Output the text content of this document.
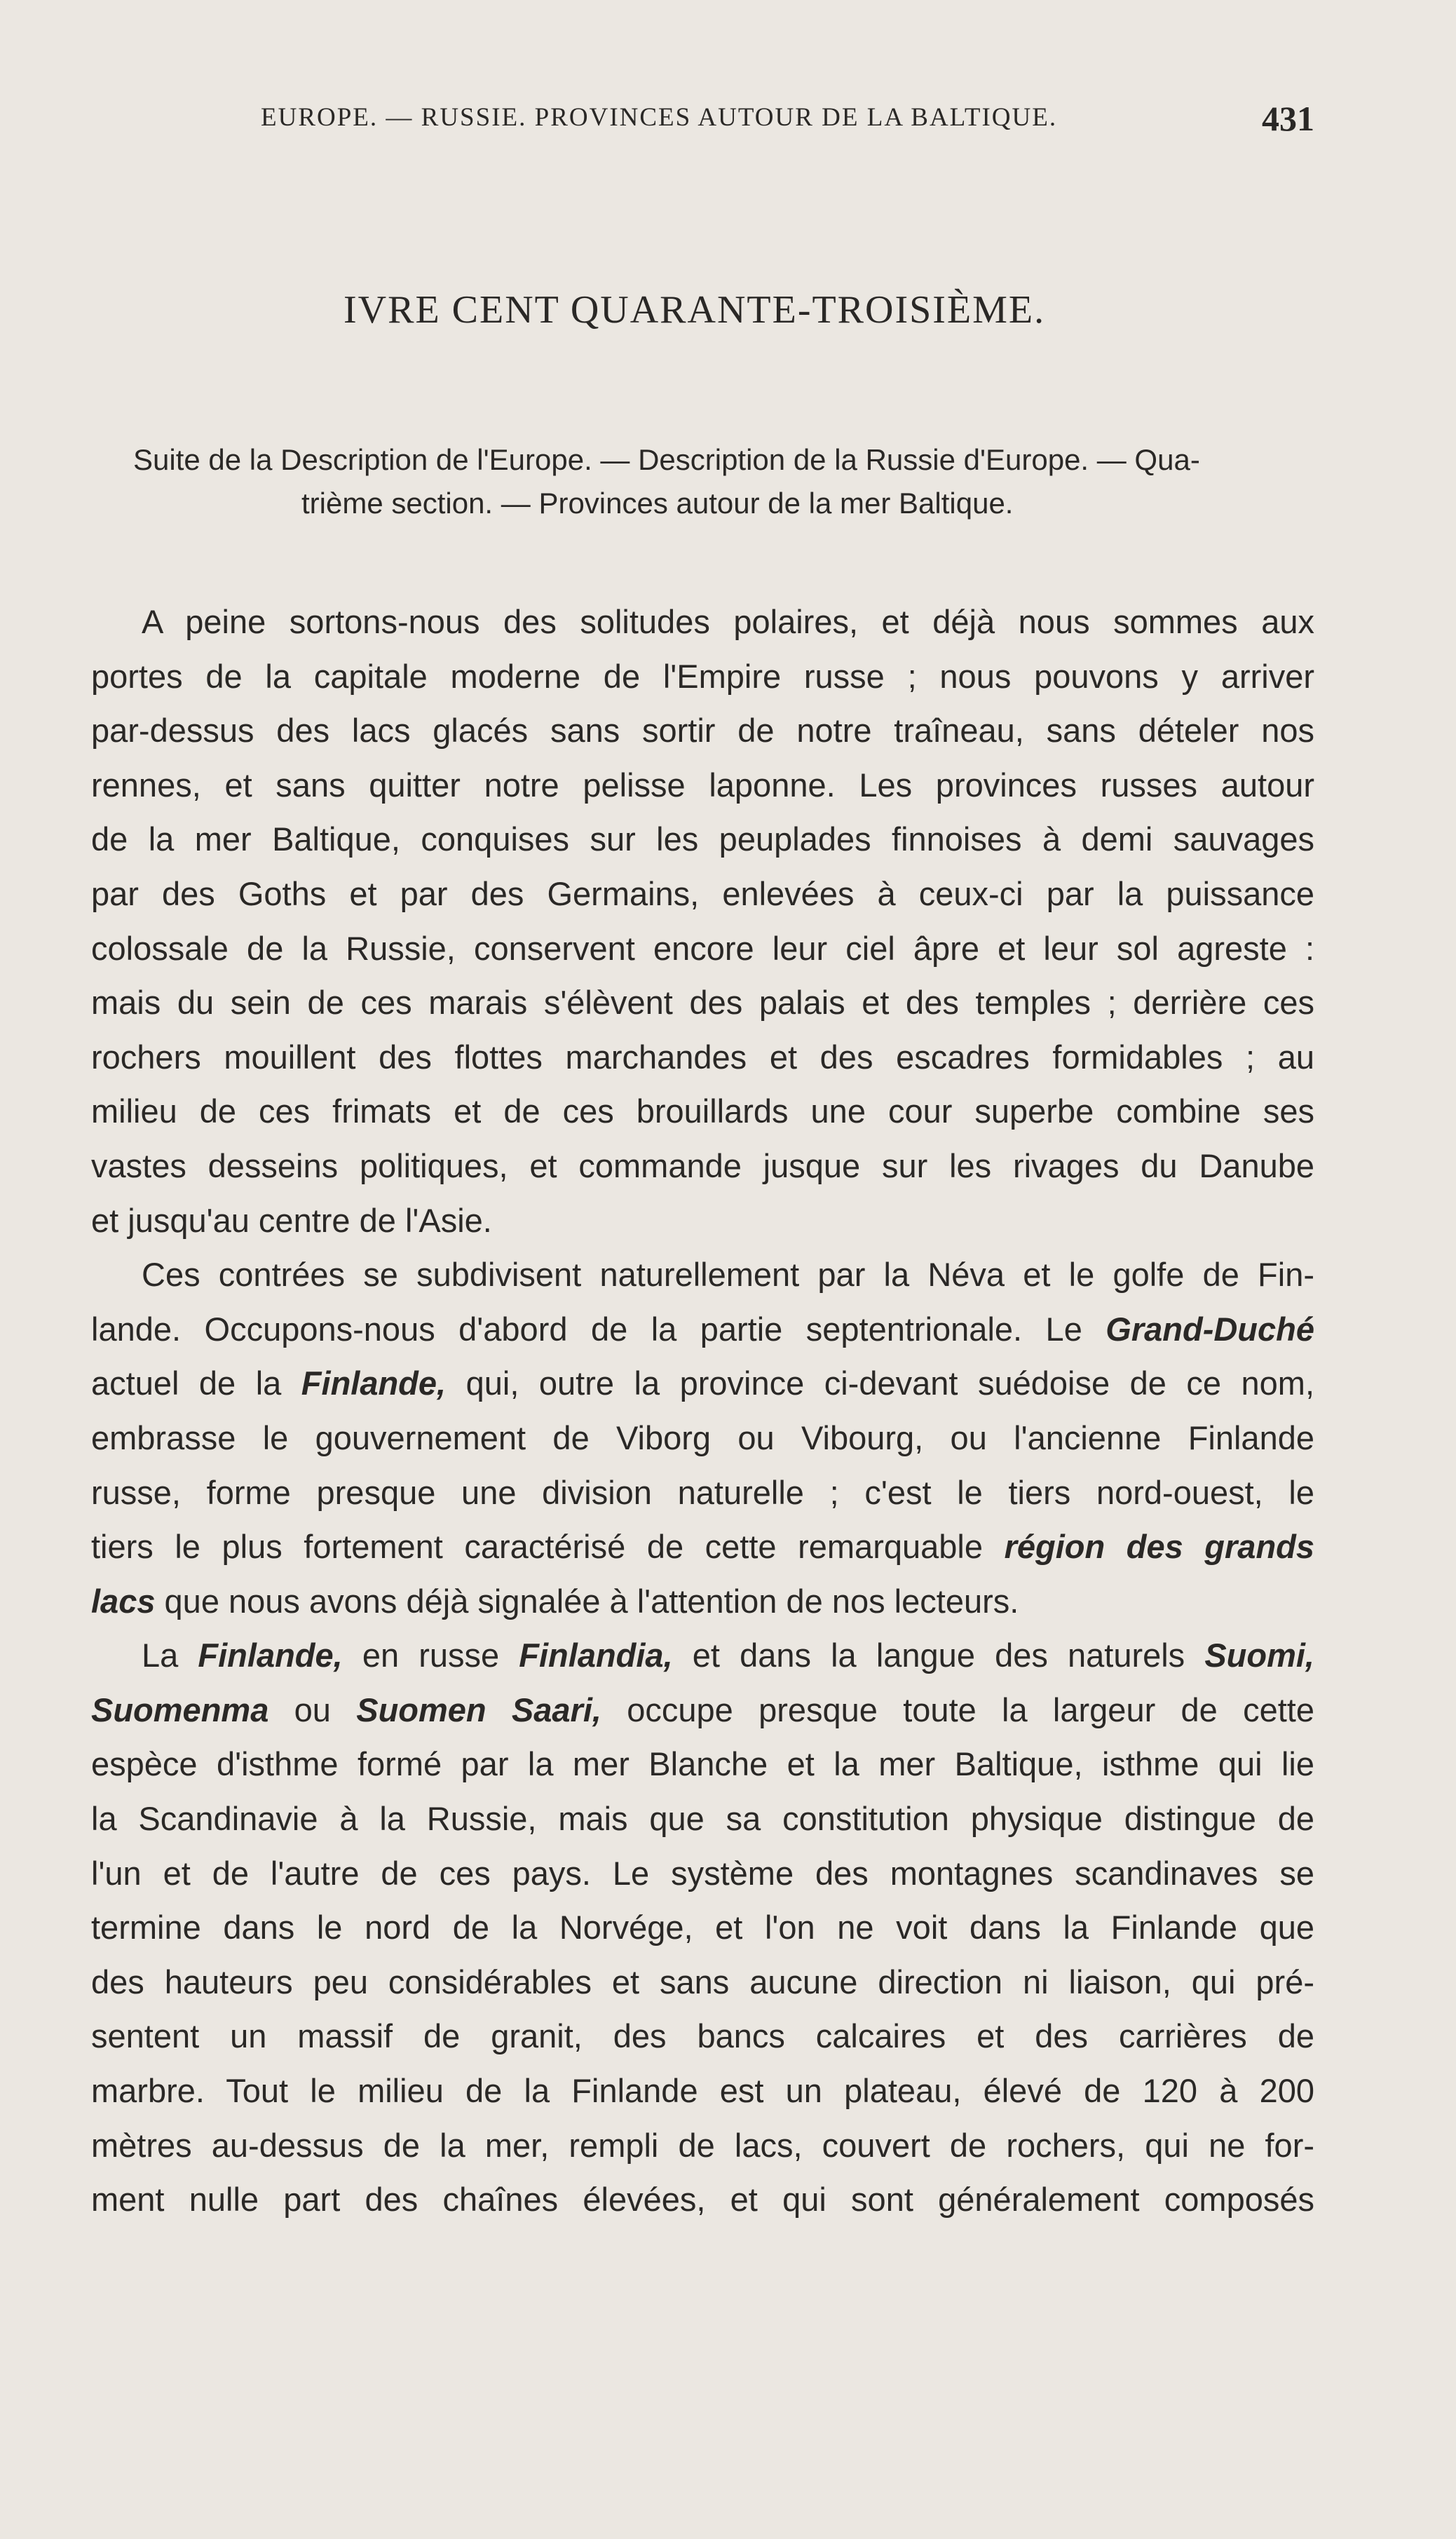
EUROPE. — RUSSIE. PROVINCES AUTOUR DE LA BALTIQUE.	431
IVRE CENT QUARANTE-TROISIÈME.
Suite de la Description de l'Europe. — Description de la Russie d'Europe. — Qua-
trième section. — Provinces autour de la mer Baltique.
A peine sortons-nous des solitudes polaires, et déjà nous sommes aux
portes de la capitale moderne de l'Empire russe ; nous pouvons y arriver
par-dessus des lacs glacés sans sortir de notre traîneau, sans dételer nos
rennes, et sans quitter notre pelisse laponne. Les provinces russes autour
de la mer Baltique, conquises sur les peuplades finnoises à demi sauvages
par des Goths et par des Germains, enlevées à ceux-ci par la puissance
colossale de la Russie, conservent encore leur ciel âpre et leur sol agreste :
mais du sein de ces marais s'élèvent des palais et des temples ; derrière ces
rochers mouillent des flottes marchandes et des escadres formidables ; au
milieu de ces frimats et de ces brouillards une cour superbe combine ses
vastes desseins politiques, et commande jusque sur les rivages du Danube
et jusqu'au centre de l'Asie.
Ces contrées se subdivisent naturellement par la Néva et le golfe de Fin-
lande. Occupons-nous d'abord de la partie septentrionale. Le Grand-Duché
actuel de la Finlande, qui, outre la province ci-devant suédoise de ce nom,
embrasse le gouvernement de Viborg ou Vibourg, ou l'ancienne Finlande
russe, forme presque une division naturelle ; c'est le tiers nord-ouest, le
tiers le plus fortement caractérisé de cette remarquable région des grands
lacs que nous avons déjà signalée à l'attention de nos lecteurs.
La Finlande, en russe Finlandia, et dans la langue des naturels Suomi,
Suomenma ou Suomen Saari, occupe presque toute la largeur de cette
espèce d'isthme formé par la mer Blanche et la mer Baltique, isthme qui lie
la Scandinavie à la Russie, mais que sa constitution physique distingue de
l'un et de l'autre de ces pays. Le système des montagnes scandinaves se
termine dans le nord de la Norvége, et l'on ne voit dans la Finlande que
des hauteurs peu considérables et sans aucune direction ni liaison, qui pré-
sentent un massif de granit, des bancs calcaires et des carrières de
marbre. Tout le milieu de la Finlande est un plateau, élevé de 120 à 200
mètres au-dessus de la mer, rempli de lacs, couvert de rochers, qui ne for-
ment nulle part des chaînes élevées, et qui sont généralement composés
